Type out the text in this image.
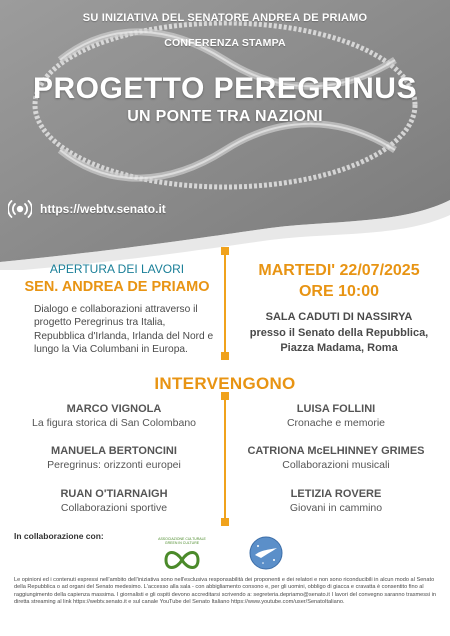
SU INIZIATIVA DEL SENATORE ANDREA DE PRIAMO
CONFERENZA STAMPA
PROGETTO PEREGRINUS
UN PONTE TRA NAZIONI
https://webtv.senato.it
APERTURA DEI LAVORI
SEN. ANDREA DE PRIAMO
Dialogo e collaborazioni attraverso il progetto Peregrinus tra Italia, Repubblica d'Irlanda, Irlanda del Nord e lungo la Via Columbani in Europa.
MARTEDI' 22/07/2025
ORE 10:00
SALA CADUTI DI NASSIRYA
presso il Senato della Repubblica,
Piazza Madama, Roma
INTERVENGONO
MARCO VIGNOLA
La figura storica di San Colombano
LUISA FOLLINI
Cronache e memorie
MANUELA BERTONCINI
Peregrinus: orizzonti europei
CATRIONA McELHINNEY GRIMES
Collaborazioni musicali
RUAN O'TIARNAIGH
Collaborazioni sportive
LETIZIA ROVERE
Giovani in cammino
In collaborazione con:	ASSOCIAZIONE CULTURALE GREEN IN CULTURE
Le opinioni ed i contenuti espressi nell'ambito dell'iniziativa sono nell'esclusiva responsabilità dei proponenti e dei relatori e non sono riconducibili in alcun modo al Senato della Repubblica o ad organi del Senato medesimo. L'accesso alla sala - con abbigliamento consono e, per gli uomini, obbligo di giacca e cravatta è consentito fino al raggiungimento della capienza massima. I giornalisti e gli ospiti devono accreditarsi scrivendo a: segreteria.depriamo@senato.it I lavori del convegno saranno trasmessi in diretta streaming al link https://webtv.senato.it e sul canale YouTube del Senato Italiano https://www.youtube.com/user/SenatoItaliano.
